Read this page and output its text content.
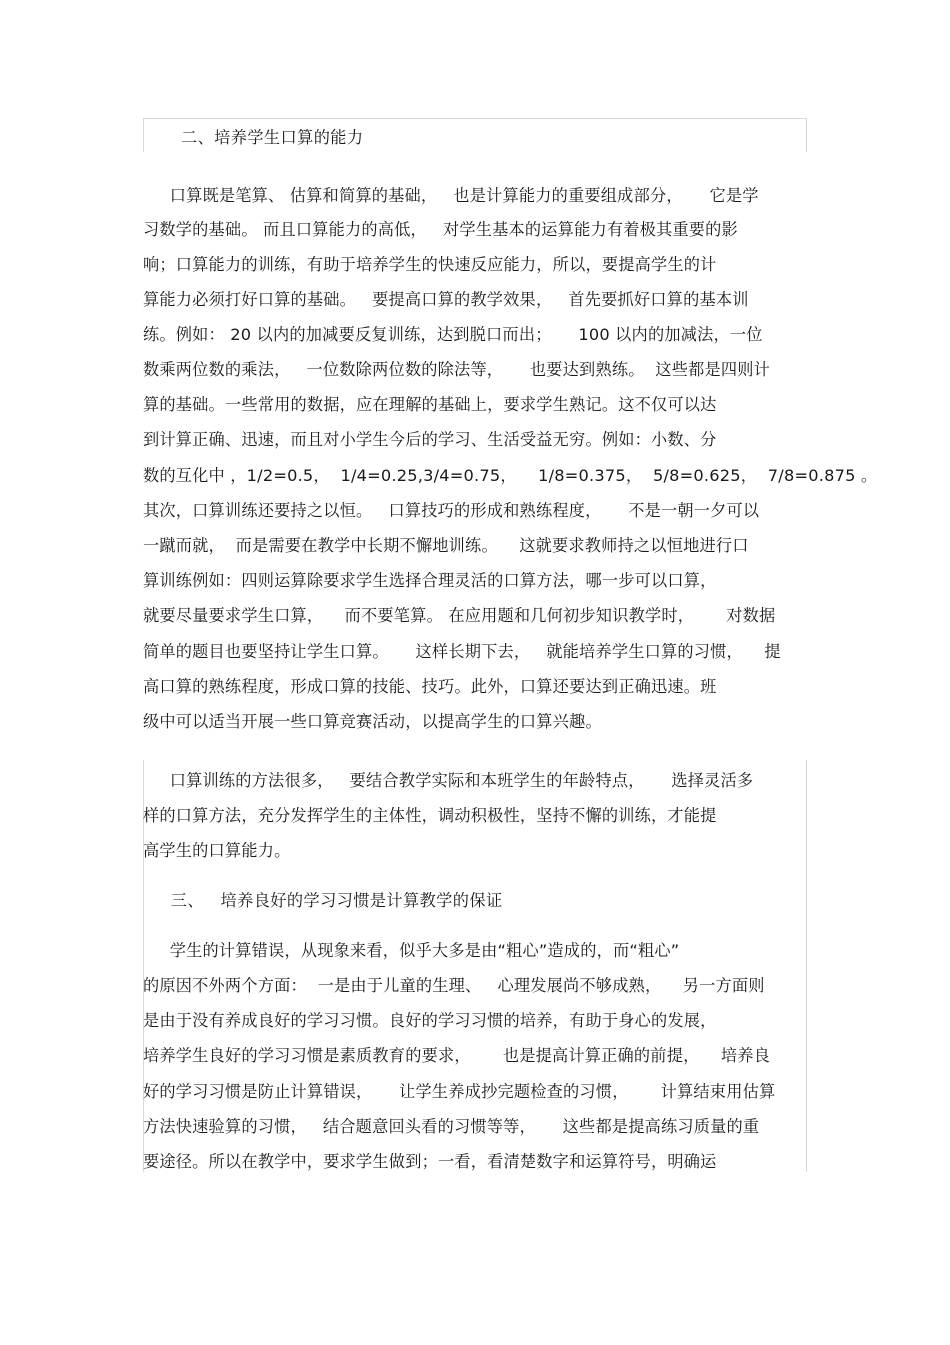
二、培养学生口算的能力
口算既是笔算、 估算和简算的基础，   也是计算能力的重要组成部分，     它是学
习数学的基础。 而且口算能力的高低，   对学生基本的运算能力有着极其重要的影
响；口算能力的训练，有助于培养学生的快速反应能力，所以，要提高学生的计
算能力必须打好口算的基础。   要提高口算的教学效果，   首先要抓好口算的基本训
练。例如： 20 以内的加减要反复训练，达到脱口而出；     100 以内的加减法，一位
数乘两位数的乘法，   一位数除两位数的除法等，     也要达到熟练。  这些都是四则计
算的基础。一些常用的数据，应在理解的基础上，要求学生熟记。这不仅可以达
到计算正确、迅速，而且对小学生今后的学习、生活受益无穷。例如：小数、分
数的互化中 ，1/2=0.5，  1/4=0.25,3/4=0.75，    1/8=0.375，  5/8=0.625，  7/8=0.875 。
其次，口算训练还要持之以恒。   口算技巧的形成和熟练程度，     不是一朝一夕可以
一蹴而就，  而是需要在教学中长期不懈地训练。    这就要求教师持之以恒地进行口
算训练例如：四则运算除要求学生选择合理灵活的口算方法，哪一步可以口算，
就要尽量要求学生口算，    而不要笔算。 在应用题和几何初步知识教学时，      对数据
简单的题目也要坚持让学生口算。     这样长期下去，   就能培养学生口算的习惯，    提
高口算的熟练程度，形成口算的技能、技巧。此外，口算还要达到正确迅速。班
级中可以适当开展一些口算竞赛活动，以提高学生的口算兴趣。
口算训练的方法很多，   要结合教学实际和本班学生的年龄特点，     选择灵活多
样的口算方法，充分发挥学生的主体性，调动积极性，坚持不懈的训练，才能提
高学生的口算能力。
三、   培养良好的学习习惯是计算教学的保证
学生的计算错误，从现象来看，似乎大多是由“粗心”造成的，而“粗心”
的原因不外两个方面：  一是由于儿童的生理、   心理发展尚不够成熟，    另一方面则
是由于没有养成良好的学习习惯。良好的学习习惯的培养，有助于身心的发展，
培养学生良好的学习习惯是素质教育的要求，      也是提高计算正确的前提，    培养良
好的学习习惯是防止计算错误，     让学生养成抄完题检查的习惯，      计算结束用估算
方法快速验算的习惯，   结合题意回头看的习惯等等，     这些都是提高练习质量的重
要途径。所以在教学中，要求学生做到；一看，看清楚数字和运算符号，明确运
